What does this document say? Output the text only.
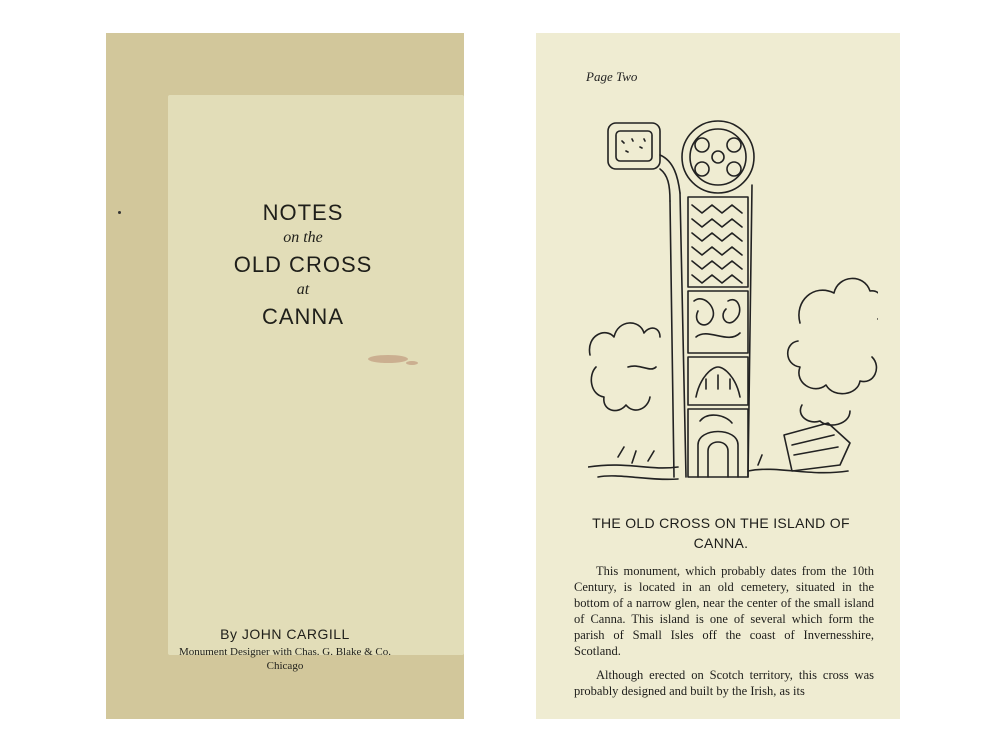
NOTES
on the
OLD CROSS
at
CANNA
By JOHN CARGILL
Monument Designer with Chas. G. Blake & Co.
Chicago
Page Two
THE OLD CROSS ON THE ISLAND OF CANNA.

This monument, which probably dates from the 10th Century, is located in an old cemetery, situated in the bottom of a narrow glen, near the center of the small island of Canna. This island is one of several which form the parish of Small Isles off the coast of Invernesshire, Scotland.

Although erected on Scotch territory, this cross was probably designed and built by the Irish, as its
